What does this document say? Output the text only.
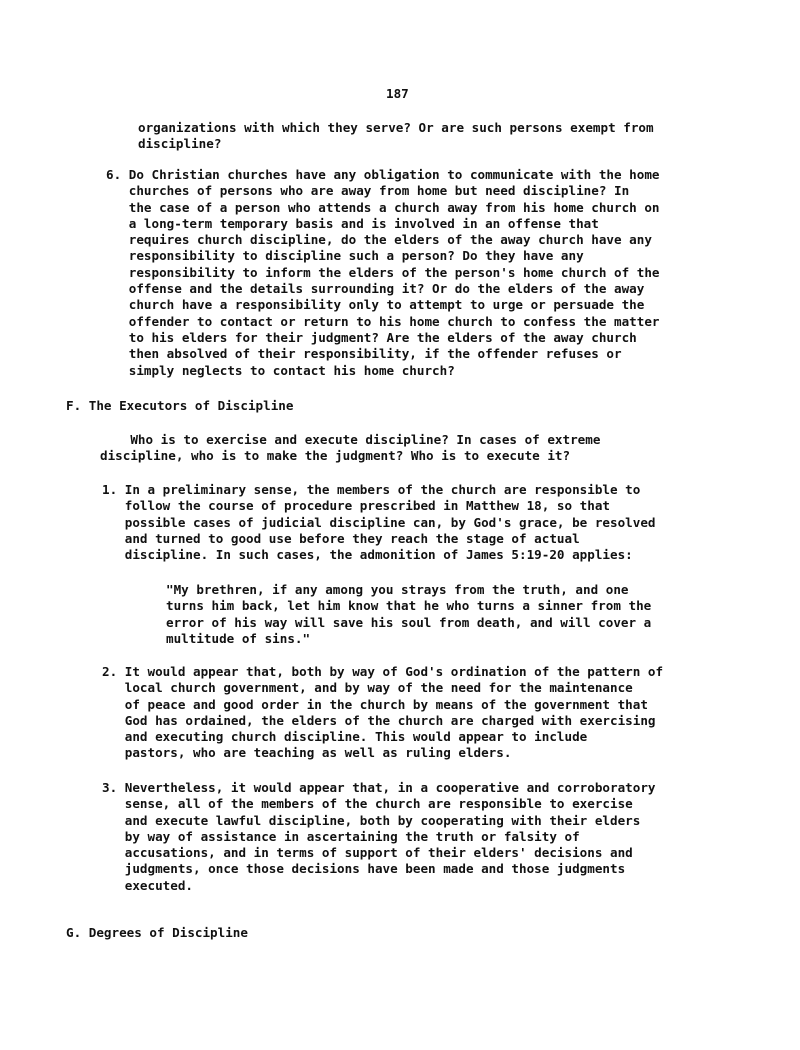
187
organizations with which they serve? Or are such persons exempt from
discipline?
6. Do Christian churches have any obligation to communicate with the home
churches of persons who are away from home but need discipline? In
the case of a person who attends a church away from his home church on
a long-term temporary basis and is involved in an offense that
requires church discipline, do the elders of the away church have any
responsibility to discipline such a person? Do they have any
responsibility to inform the elders of the person's home church of the
offense and the details surrounding it? Or do the elders of the away
church have a responsibility only to attempt to urge or persuade the
offender to contact or return to his home church to confess the matter
to his elders for their judgment? Are the elders of the away church
then absolved of their responsibility, if the offender refuses or
simply neglects to contact his home church?
F. The Executors of Discipline
Who is to exercise and execute discipline? In cases of extreme
discipline, who is to make the judgment? Who is to execute it?
1. In a preliminary sense, the members of the church are responsible to
follow the course of procedure prescribed in Matthew 18, so that
possible cases of judicial discipline can, by God's grace, be resolved
and turned to good use before they reach the stage of actual
discipline. In such cases, the admonition of James 5:19-20 applies:
"My brethren, if any among you strays from the truth, and one
turns him back, let him know that he who turns a sinner from the
error of his way will save his soul from death, and will cover a
multitude of sins."
2. It would appear that, both by way of God's ordination of the pattern of
local church government, and by way of the need for the maintenance
of peace and good order in the church by means of the government that
God has ordained, the elders of the church are charged with exercising
and executing church discipline. This would appear to include
pastors, who are teaching as well as ruling elders.
3. Nevertheless, it would appear that, in a cooperative and corroboratory
sense, all of the members of the church are responsible to exercise
and execute lawful discipline, both by cooperating with their elders
by way of assistance in ascertaining the truth or falsity of
accusations, and in terms of support of their elders' decisions and
judgments, once those decisions have been made and those judgments
executed.
G. Degrees of Discipline
